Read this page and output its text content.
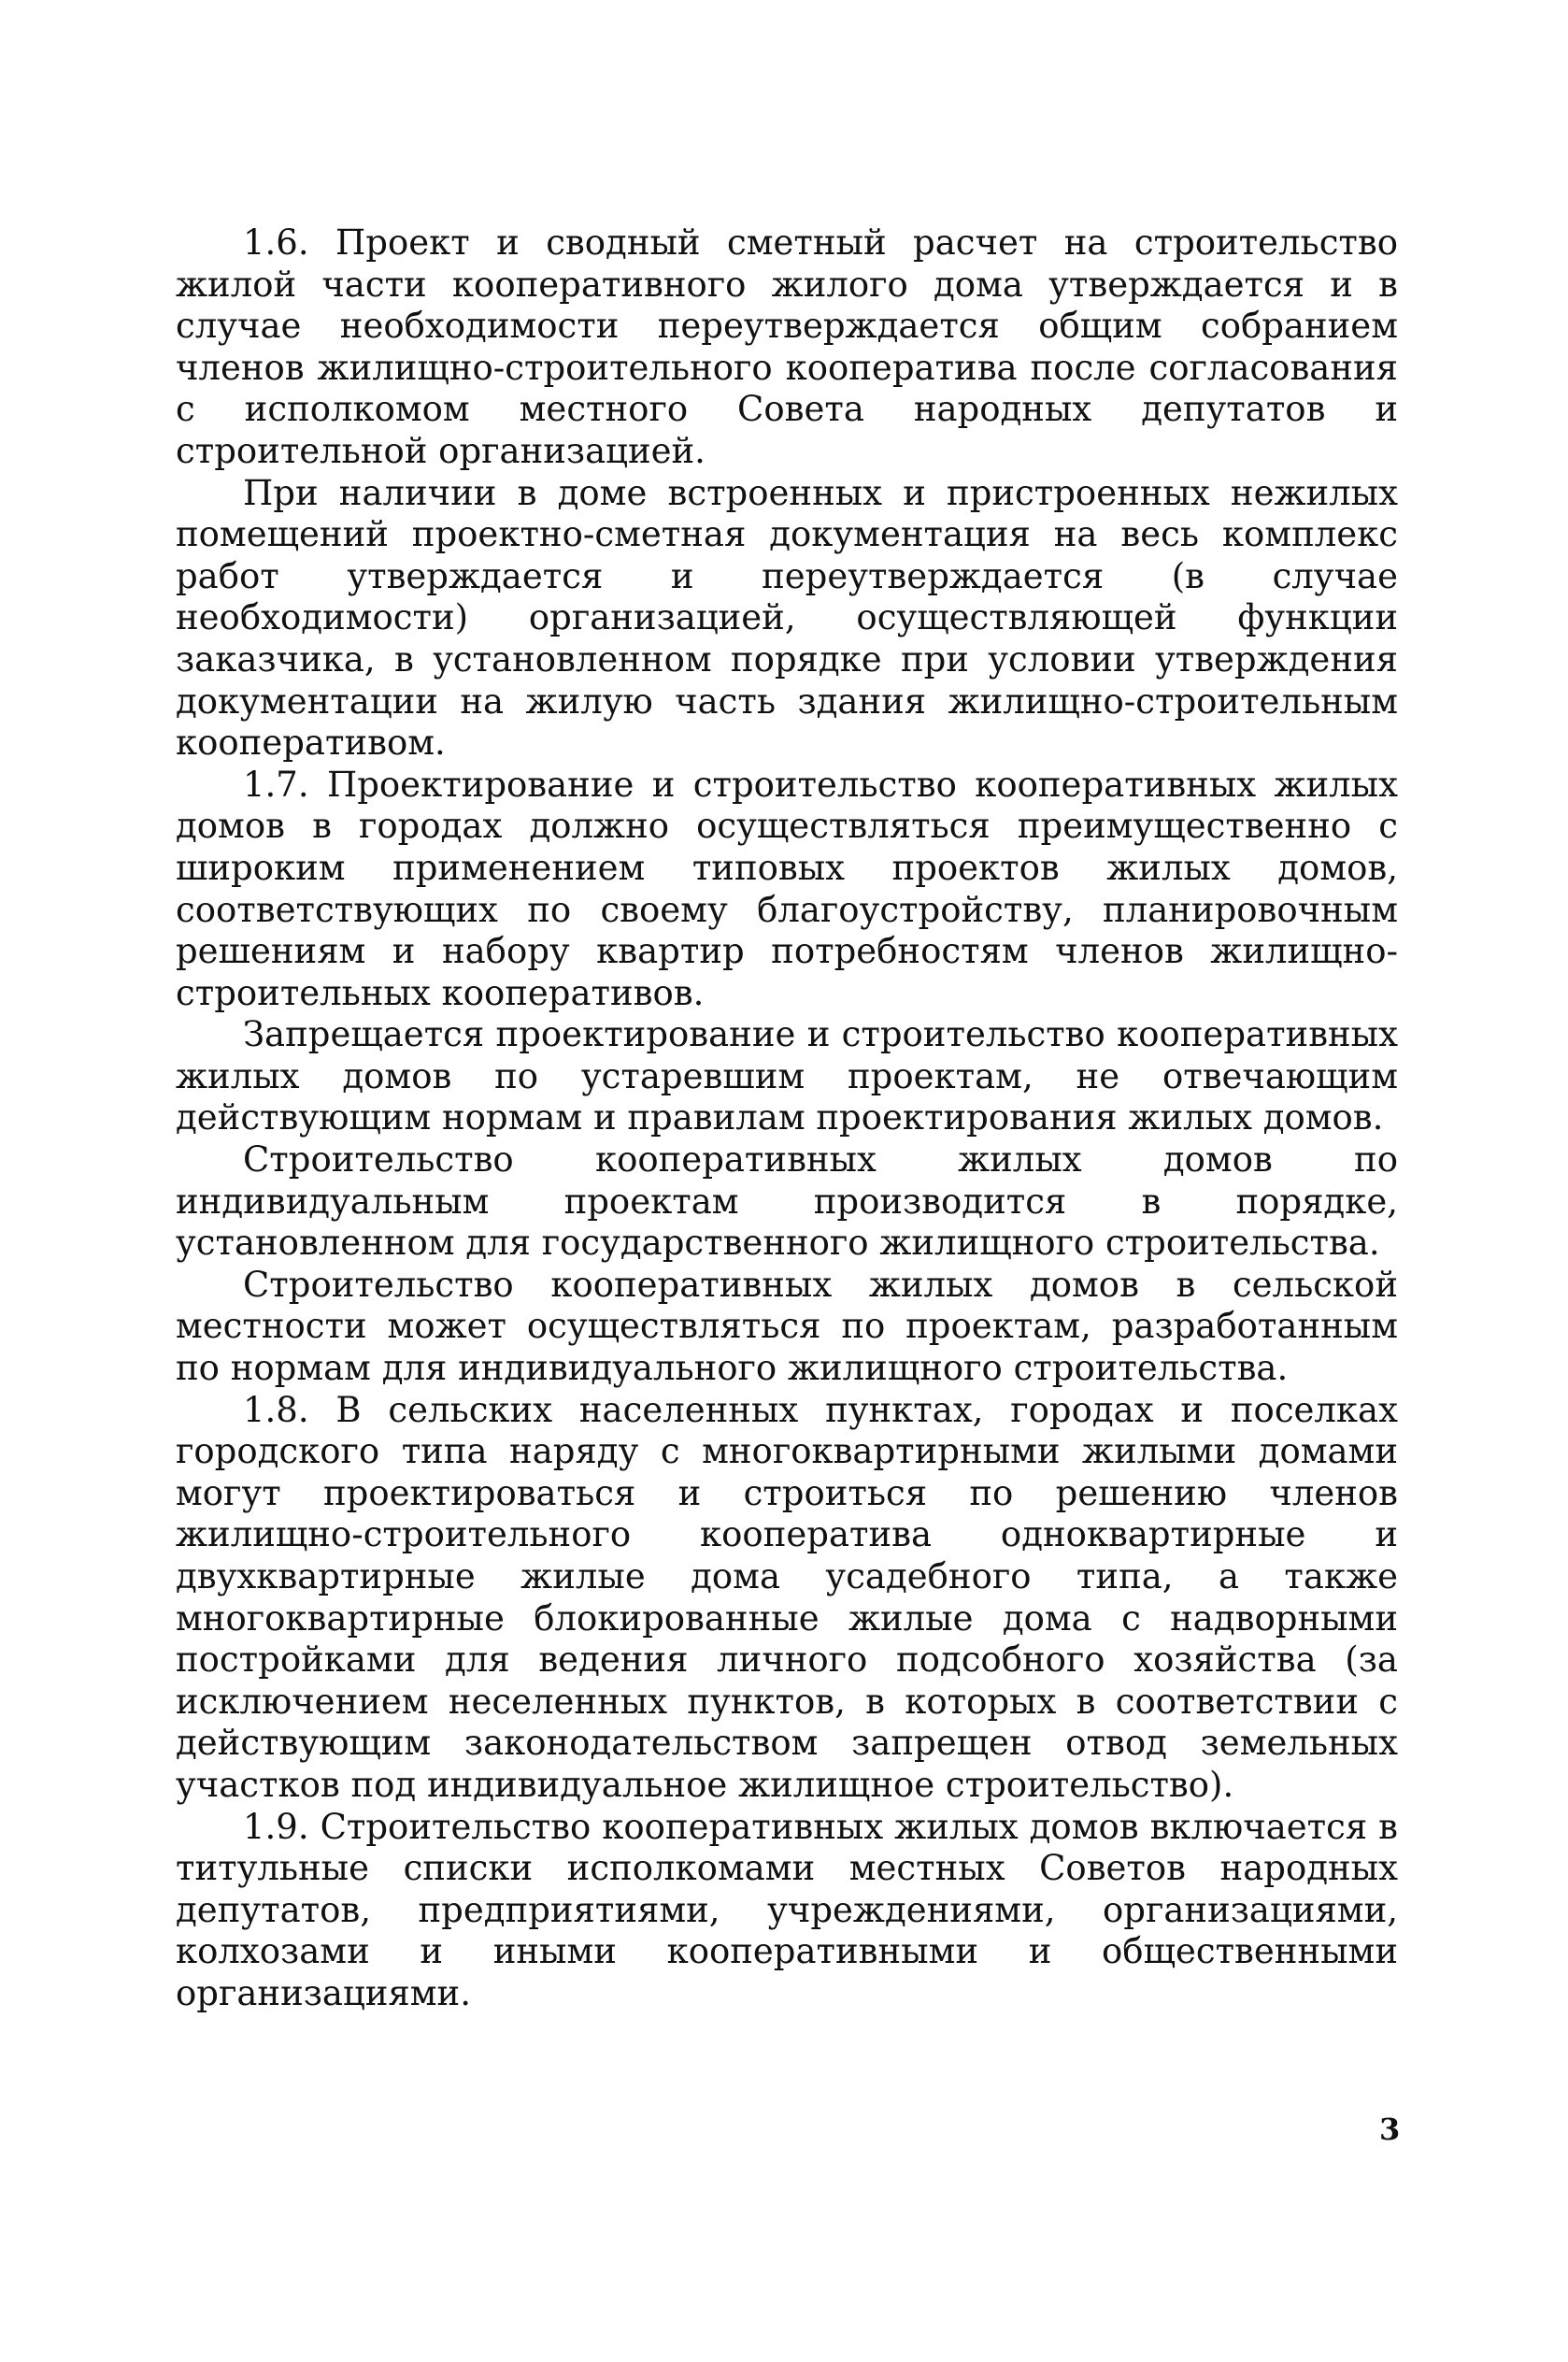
1.6. Проект и сводный сметный расчет на строительство жилой части кооперативного жилого дома утверждается и в случае необходимости переутверждается общим собранием членов жилищно-строительного кооператива после согласования с исполкомом местного Совета народных депутатов и строительной организацией.

При наличии в доме встроенных и пристроенных нежилых помещений проектно-сметная документация на весь комплекс работ утверждается и переутверждается (в случае необходимости) организацией, осуществляющей функции заказчика, в установленном порядке при условии утверждения документации на жилую часть здания жилищно-строительным кооперативом.

1.7. Проектирование и строительство кооперативных жилых домов в городах должно осуществляться преимущественно с широким применением типовых проектов жилых домов, соответствующих по своему благоустройству, планировочным решениям и набору квартир потребностям членов жилищно-строительных кооперативов.

Запрещается проектирование и строительство кооперативных жилых домов по устаревшим проектам, не отвечающим действующим нормам и правилам проектирования жилых домов.

Строительство кооперативных жилых домов по индивидуальным проектам производится в порядке, установленном для государственного жилищного строительства.

Строительство кооперативных жилых домов в сельской местности может осуществляться по проектам, разработанным по нормам для индивидуального жилищного строительства.

1.8. В сельских населенных пунктах, городах и поселках городского типа наряду с многоквартирными жилыми домами могут проектироваться и строиться по решению членов жилищно-строительного кооператива одноквартирные и двухквартирные жилые дома усадебного типа, а также многоквартирные блокированные жилые дома с надворными постройками для ведения личного подсобного хозяйства (за исключением неселенных пунктов, в которых в соответствии с действующим законодательством запрещен отвод земельных участков под индивидуальное жилищное строительство).

1.9. Строительство кооперативных жилых домов включается в титульные списки исполкомами местных Советов народных депутатов, предприятиями, учреждениями, организациями, колхозами и иными кооперативными и общественными организациями.

3
